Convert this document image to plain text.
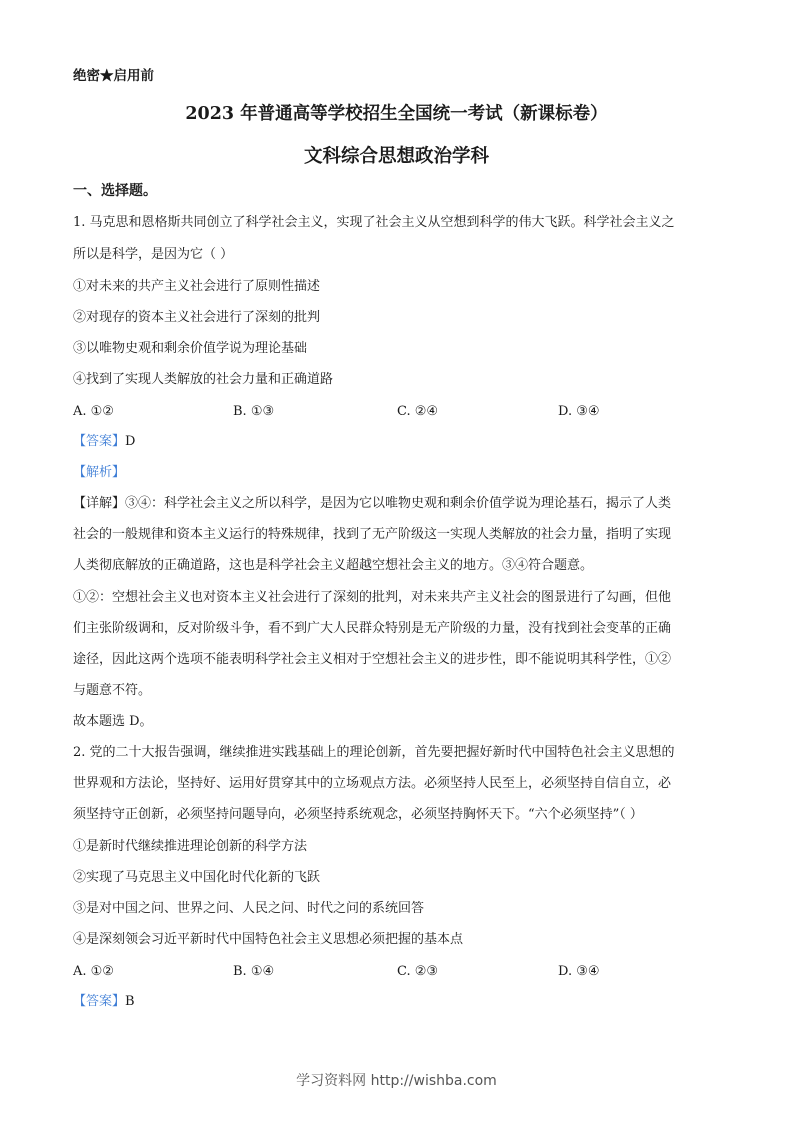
绝密★启用前
2023 年普通高等学校招生全国统一考试（新课标卷）
文科综合思想政治学科
一、选择题。
1. 马克思和恩格斯共同创立了科学社会主义，实现了社会主义从空想到科学的伟大飞跃。科学社会主义之
所以是科学，是因为它（ ）
①对未来的共产主义社会进行了原则性描述
②对现存的资本主义社会进行了深刻的批判
③以唯物史观和剩余价值学说为理论基础
④找到了实现人类解放的社会力量和正确道路
A. ①②	B. ①③	C. ②④	D. ③④
【答案】D
【解析】
【详解】③④：科学社会主义之所以科学，是因为它以唯物史观和剩余价值学说为理论基石，揭示了人类
社会的一般规律和资本主义运行的特殊规律，找到了无产阶级这一实现人类解放的社会力量，指明了实现
人类彻底解放的正确道路，这也是科学社会主义超越空想社会主义的地方。③④符合题意。
①②：空想社会主义也对资本主义社会进行了深刻的批判，对未来共产主义社会的图景进行了勾画，但他
们主张阶级调和，反对阶级斗争，看不到广大人民群众特别是无产阶级的力量，没有找到社会变革的正确
途径，因此这两个选项不能表明科学社会主义相对于空想社会主义的进步性，即不能说明其科学性，①②
与题意不符。
故本题选 D。
2. 党的二十大报告强调，继续推进实践基础上的理论创新，首先要把握好新时代中国特色社会主义思想的
世界观和方法论，坚持好、运用好贯穿其中的立场观点方法。必须坚持人民至上，必须坚持自信自立，必
须坚持守正创新，必须坚持问题导向，必须坚持系统观念，必须坚持胸怀天下。“六个必须坚持”（ ）
①是新时代继续推进理论创新的科学方法
②实现了马克思主义中国化时代化新的飞跃
③是对中国之问、世界之问、人民之问、时代之问的系统回答
④是深刻领会习近平新时代中国特色社会主义思想必须把握的基本点
A. ①②	B. ①④	C. ②③	D. ③④
【答案】B
学习资料网 http://wishba.com
